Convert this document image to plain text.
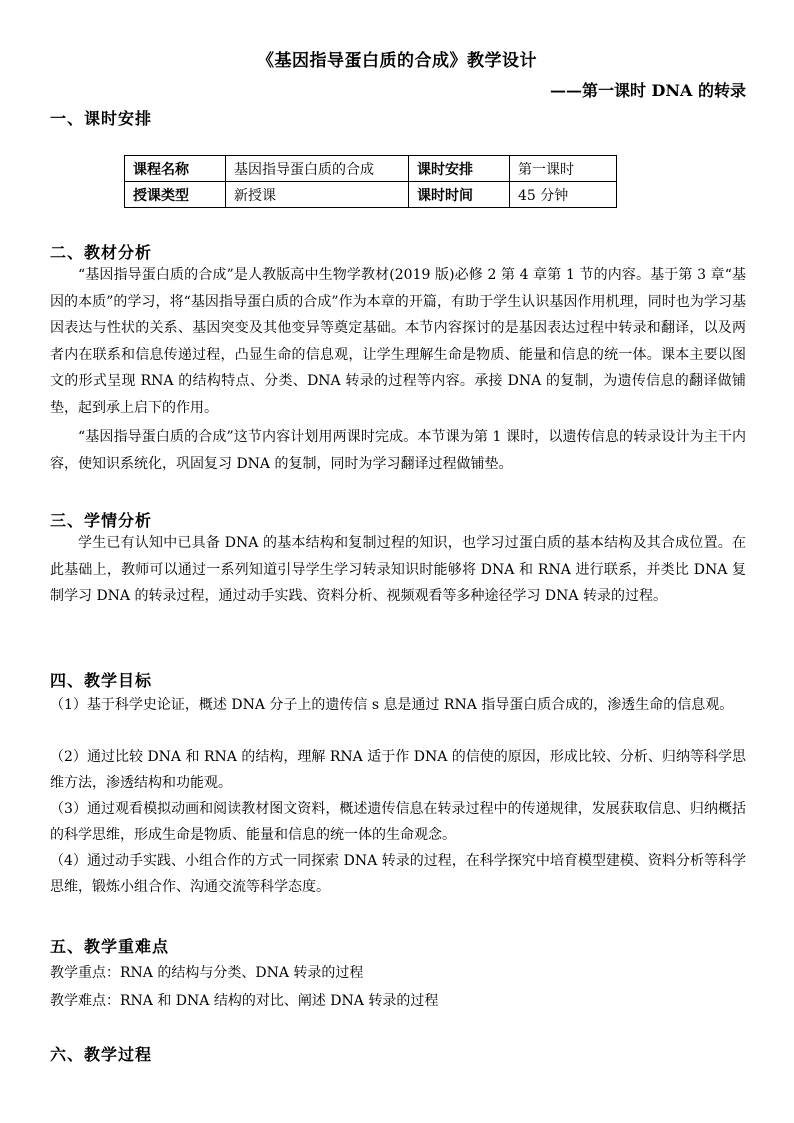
《基因指导蛋白质的合成》教学设计
——第一课时 DNA 的转录
一、课时安排
课程名称	基因指导蛋白质的合成	课时安排	第一课时
授课类型	新授课	课时时间	45 分钟
二、教材分析

“基因指导蛋白质的合成”是人教版高中生物学教材(2019 版)必修 2 第 4 章第 1 节的内容。基于第 3 章“基因的本质”的学习，将“基因指导蛋白质的合成”作为本章的开篇，有助于学生认识基因作用机理，同时也为学习基因表达与性状的关系、基因突变及其他变异等奠定基础。本节内容探讨的是基因表达过程中转录和翻译，以及两者内在联系和信息传递过程，凸显生命的信息观，让学生理解生命是物质、能量和信息的统一体。课本主要以图文的形式呈现 RNA 的结构特点、分类、DNA 转录的过程等内容。承接 DNA 的复制，为遗传信息的翻译做铺垫，起到承上启下的作用。

“基因指导蛋白质的合成”这节内容计划用两课时完成。本节课为第 1 课时，以遗传信息的转录设计为主干内容，使知识系统化，巩固复习 DNA 的复制，同时为学习翻译过程做铺垫。

三、学情分析

学生已有认知中已具备 DNA 的基本结构和复制过程的知识，也学习过蛋白质的基本结构及其合成位置。在此基础上，教师可以通过一系列知道引导学生学习转录知识时能够将 DNA 和 RNA 进行联系，并类比 DNA 复制学习 DNA 的转录过程，通过动手实践、资料分析、视频观看等多种途径学习 DNA 转录的过程。

四、教学目标

（1）基于科学史论证，概述 DNA 分子上的遗传信 s 息是通过 RNA 指导蛋白质合成的，渗透生命的信息观。

（2）通过比较 DNA 和 RNA 的结构，理解 RNA 适于作 DNA 的信使的原因，形成比较、分析、归纳等科学思维方法，渗透结构和功能观。

（3）通过观看模拟动画和阅读教材图文资料，概述遗传信息在转录过程中的传递规律，发展获取信息、归纳概括的科学思维，形成生命是物质、能量和信息的统一体的生命观念。

（4）通过动手实践、小组合作的方式一同探索 DNA 转录的过程，在科学探究中培育模型建模、资料分析等科学思维，锻炼小组合作、沟通交流等科学态度。

五、教学重难点
教学重点：RNA 的结构与分类、DNA 转录的过程
教学难点：RNA 和 DNA 结构的对比、阐述 DNA 转录的过程
六、教学过程
